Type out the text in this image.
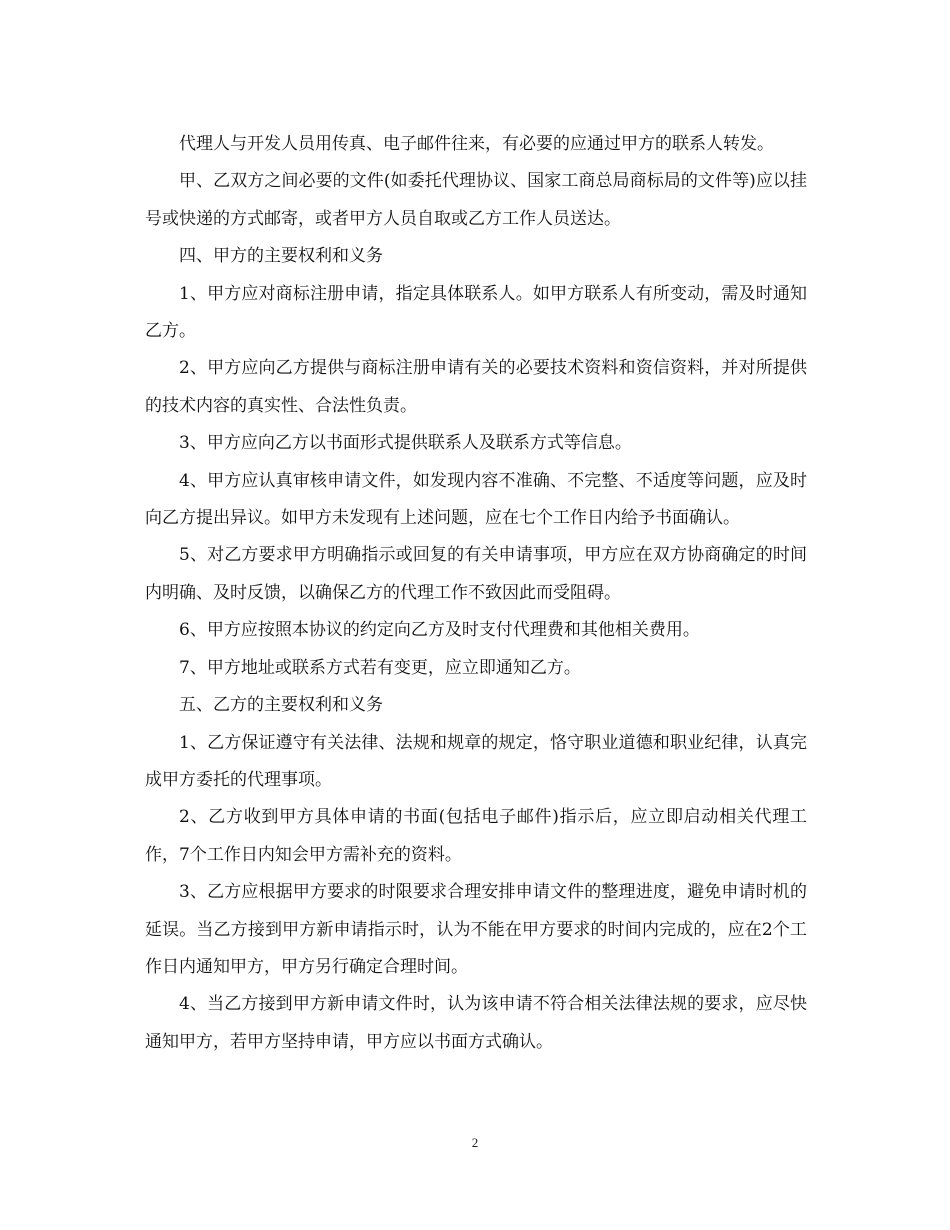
代理人与开发人员用传真、电子邮件往来，有必要的应通过甲方的联系人转发。

甲、乙双方之间必要的文件(如委托代理协议、国家工商总局商标局的文件等)应以挂号或快递的方式邮寄，或者甲方人员自取或乙方工作人员送达。

四、甲方的主要权利和义务

1、甲方应对商标注册申请，指定具体联系人。如甲方联系人有所变动，需及时通知乙方。

2、甲方应向乙方提供与商标注册申请有关的必要技术资料和资信资料，并对所提供的技术内容的真实性、合法性负责。

3、甲方应向乙方以书面形式提供联系人及联系方式等信息。

4、甲方应认真审核申请文件，如发现内容不准确、不完整、不适度等问题，应及时向乙方提出异议。如甲方未发现有上述问题，应在七个工作日内给予书面确认。

5、对乙方要求甲方明确指示或回复的有关申请事项，甲方应在双方协商确定的时间内明确、及时反馈，以确保乙方的代理工作不致因此而受阻碍。

6、甲方应按照本协议的约定向乙方及时支付代理费和其他相关费用。

7、甲方地址或联系方式若有变更，应立即通知乙方。

五、乙方的主要权利和义务

1、乙方保证遵守有关法律、法规和规章的规定，恪守职业道德和职业纪律，认真完成甲方委托的代理事项。

2、乙方收到甲方具体申请的书面(包括电子邮件)指示后，应立即启动相关代理工作，7个工作日内知会甲方需补充的资料。

3、乙方应根据甲方要求的时限要求合理安排申请文件的整理进度，避免申请时机的延误。当乙方接到甲方新申请指示时，认为不能在甲方要求的时间内完成的，应在2个工作日内通知甲方，甲方另行确定合理时间。

4、当乙方接到甲方新申请文件时，认为该申请不符合相关法律法规的要求，应尽快通知甲方，若甲方坚持申请，甲方应以书面方式确认。

2
